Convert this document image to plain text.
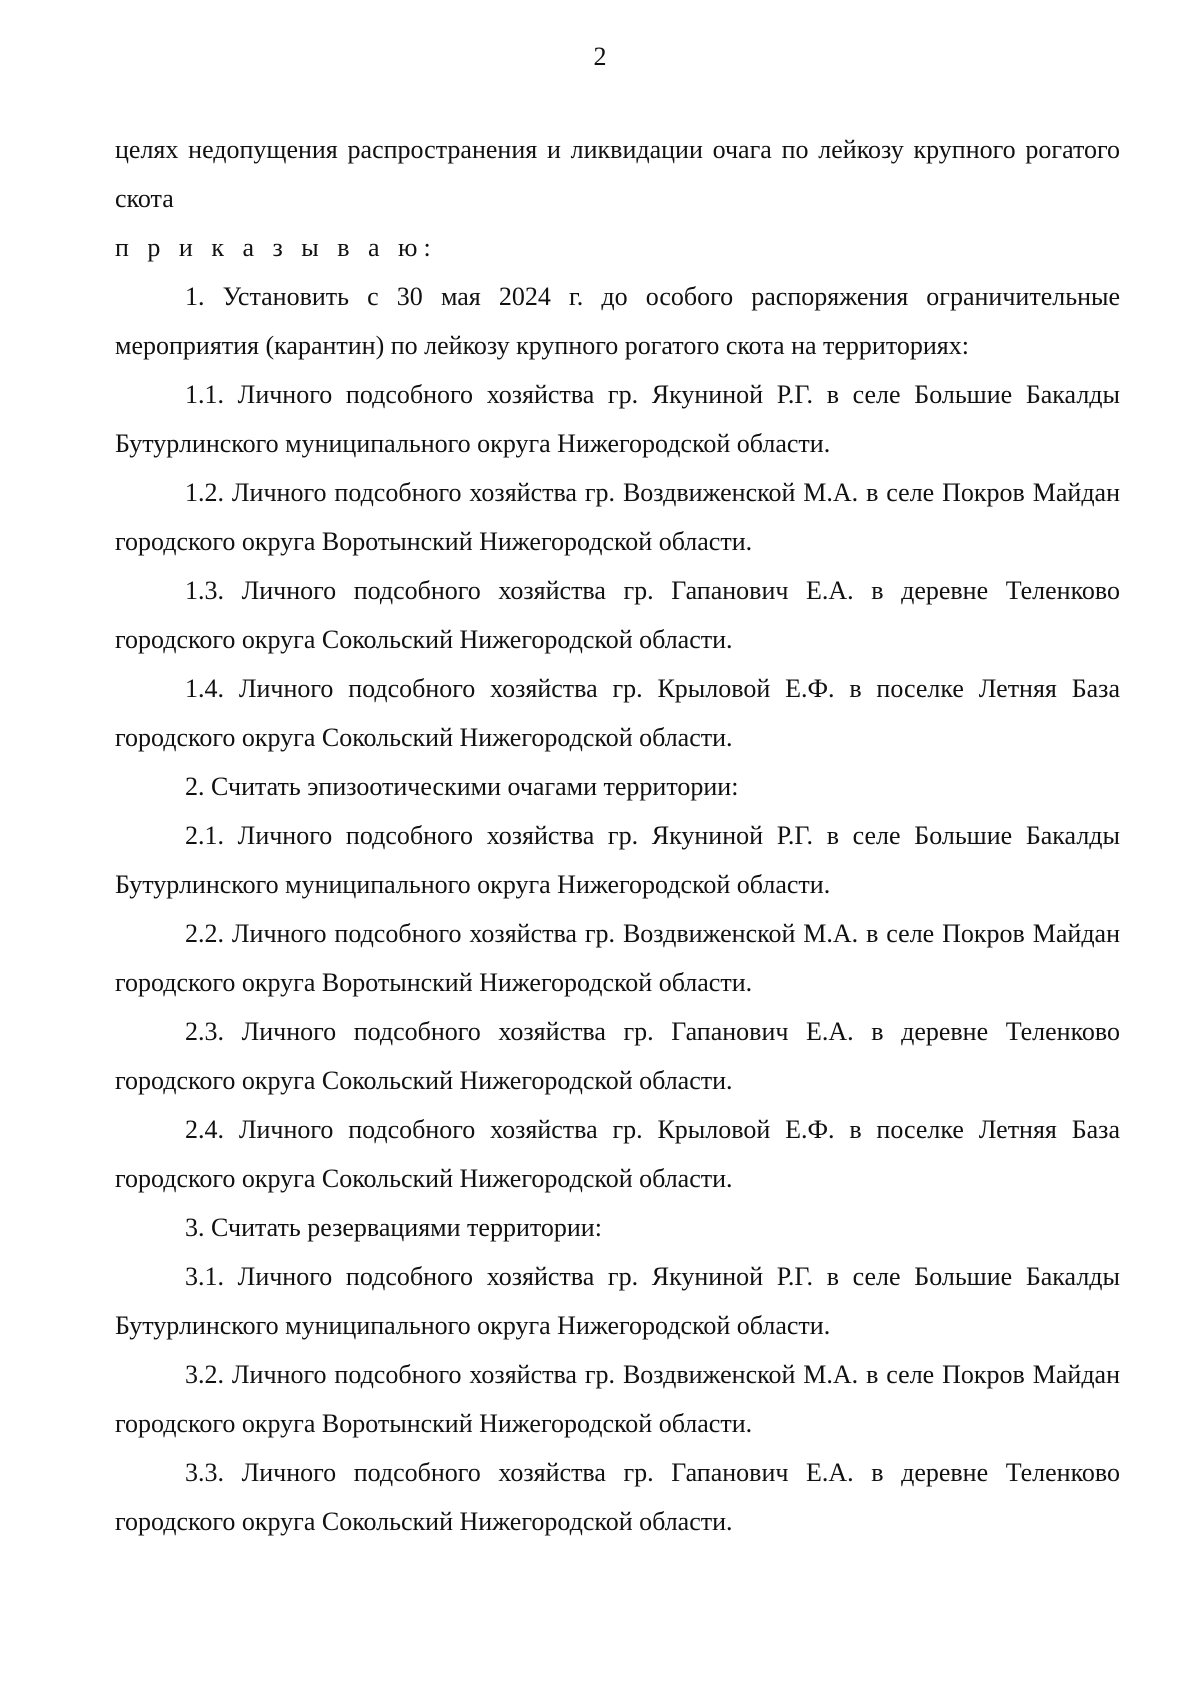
2

целях недопущения распространения и ликвидации очага по лейкозу крупного рогатого скота

п р и к а з ы в а ю:

1. Установить с 30 мая 2024 г. до особого распоряжения ограничительные мероприятия (карантин) по лейкозу крупного рогатого скота на территориях:

1.1. Личного подсобного хозяйства гр. Якуниной Р.Г. в селе Большие Бакалды Бутурлинского муниципального округа Нижегородской области.

1.2. Личного подсобного хозяйства гр. Воздвиженской М.А. в селе Покров Майдан городского округа Воротынский Нижегородской области.

1.3. Личного подсобного хозяйства гр. Гапанович Е.А. в деревне Теленково городского округа Сокольский Нижегородской области.

1.4. Личного подсобного хозяйства гр. Крыловой Е.Ф. в поселке Летняя База городского округа Сокольский Нижегородской области.

2. Считать эпизоотическими очагами территории:

2.1. Личного подсобного хозяйства гр. Якуниной Р.Г. в селе Большие Бакалды Бутурлинского муниципального округа Нижегородской области.

2.2. Личного подсобного хозяйства гр. Воздвиженской М.А. в селе Покров Майдан городского округа Воротынский Нижегородской области.

2.3. Личного подсобного хозяйства гр. Гапанович Е.А. в деревне Теленково городского округа Сокольский Нижегородской области.

2.4. Личного подсобного хозяйства гр. Крыловой Е.Ф. в поселке Летняя База городского округа Сокольский Нижегородской области.

3. Считать резервациями территории:

3.1. Личного подсобного хозяйства гр. Якуниной Р.Г. в селе Большие Бакалды Бутурлинского муниципального округа Нижегородской области.

3.2. Личного подсобного хозяйства гр. Воздвиженской М.А. в селе Покров Майдан городского округа Воротынский Нижегородской области.

3.3. Личного подсобного хозяйства гр. Гапанович Е.А. в деревне Теленково городского округа Сокольский Нижегородской области.
